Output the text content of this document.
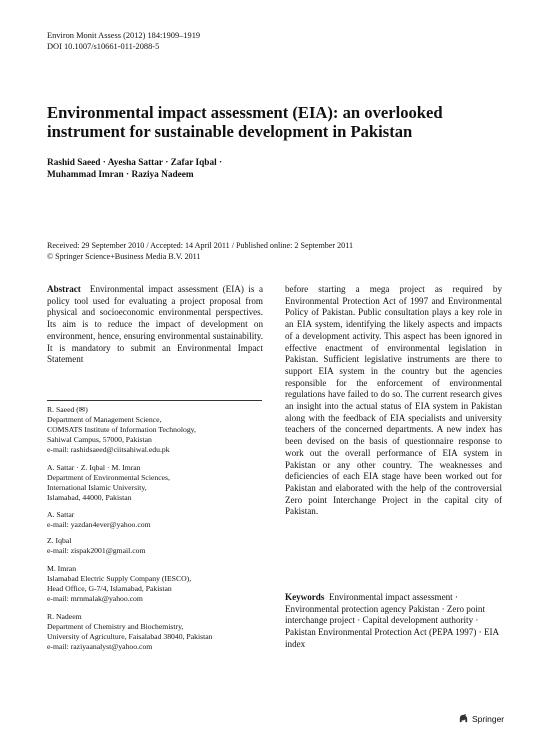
Environ Monit Assess (2012) 184:1909–1919
DOI 10.1007/s10661-011-2088-5
Environmental impact assessment (EIA): an overlooked instrument for sustainable development in Pakistan
Rashid Saeed · Ayesha Sattar · Zafar Iqbal ·
Muhammad Imran · Raziya Nadeem
Received: 29 September 2010 / Accepted: 14 April 2011 / Published online: 2 September 2011
© Springer Science+Business Media B.V. 2011
Abstract Environmental impact assessment (EIA) is a policy tool used for evaluating a project proposal from physical and socioeconomic environmental perspectives. Its aim is to reduce the impact of development on environment, hence, ensuring environmental sustainability. It is mandatory to submit an Environmental Impact Statement
R. Saeed (✉)
Department of Management Science,
COMSATS Institute of Information Technology,
Sahiwal Campus, 57000, Pakistan
e-mail: rashidsaeed@ciitsahiwal.edu.pk
A. Sattar · Z. Iqbal · M. Imran
Department of Environmental Sciences,
International Islamic University,
Islamabad, 44000, Pakistan
A. Sattar
e-mail: yazdan4ever@yahoo.com
Z. Iqbal
e-mail: zispak2001@gmail.com
M. Imran
Islamabad Electric Supply Company (IESCO),
Head Office, G-7/4, Islamabad, Pakistan
e-mail: mrnmalak@yahoo.com
R. Nadeem
Department of Chemistry and Biochemistry,
University of Agriculture, Faisalabad 38040, Pakistan
e-mail: raziyaanalyst@yahoo.com
before starting a mega project as required by Environmental Protection Act of 1997 and Environmental Policy of Pakistan. Public consultation plays a key role in an EIA system, identifying the likely aspects and impacts of a development activity. This aspect has been ignored in effective enactment of environmental legislation in Pakistan. Sufficient legislative instruments are there to support EIA system in the country but the agencies responsible for the enforcement of environmental regulations have failed to do so. The current research gives an insight into the actual status of EIA system in Pakistan along with the feedback of EIA specialists and university teachers of the concerned departments. A new index has been devised on the basis of questionnaire response to work out the overall performance of EIA system in Pakistan or any other country. The weaknesses and deficiencies of each EIA stage have been worked out for Pakistan and elaborated with the help of the controversial Zero point Interchange Project in the capital city of Pakistan.
Keywords Environmental impact assessment · Environmental protection agency Pakistan · Zero point interchange project · Capital development authority · Pakistan Environmental Protection Act (PEPA 1997) · EIA index
Springer
